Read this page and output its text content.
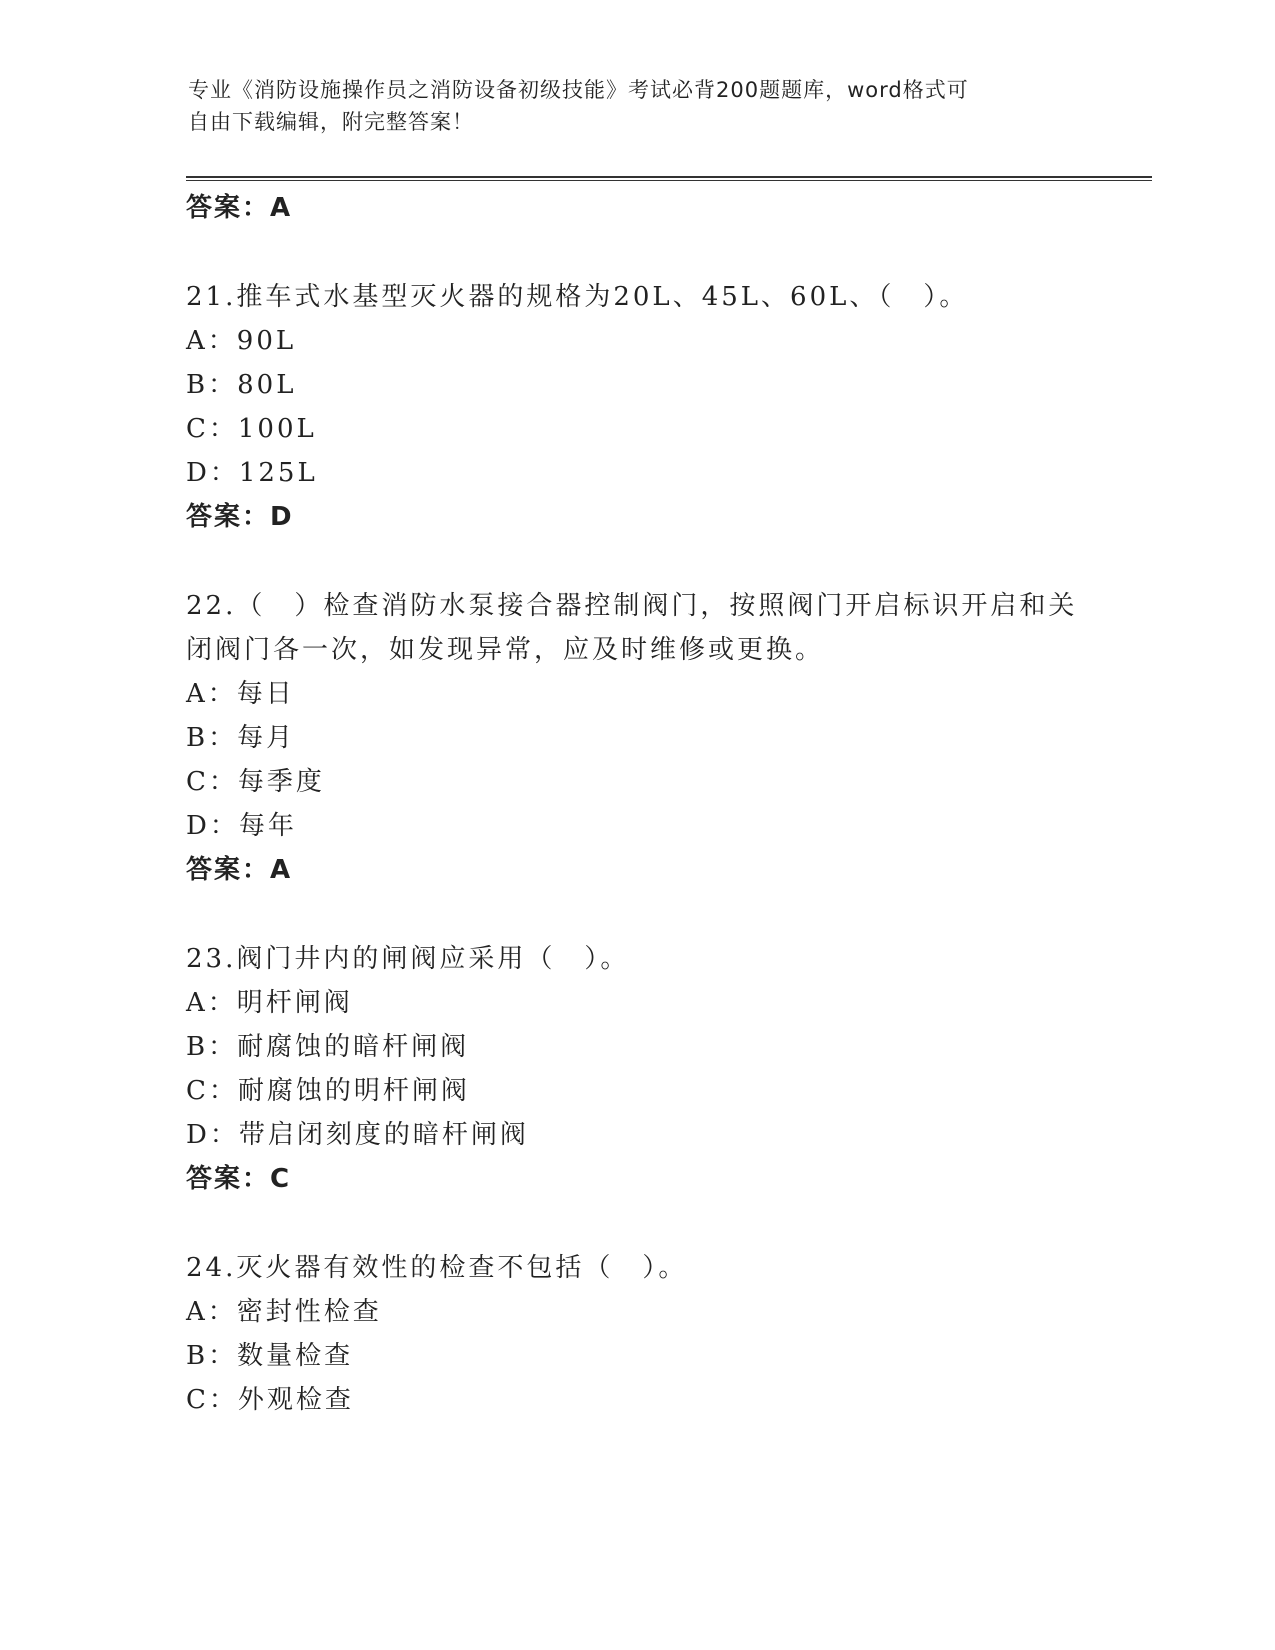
专业《消防设施操作员之消防设备初级技能》考试必背200题题库，word格式可
自由下载编辑，附完整答案！
答案：A
21.推车式水基型灭火器的规格为20L、45L、60L、（　）。
A：90L
B：80L
C：100L
D：125L
答案：D
22.（　）检查消防水泵接合器控制阀门，按照阀门开启标识开启和关
闭阀门各一次，如发现异常，应及时维修或更换。
A：每日
B：每月
C：每季度
D：每年
答案：A
23.阀门井内的闸阀应采用（　）。
A：明杆闸阀
B：耐腐蚀的暗杆闸阀
C：耐腐蚀的明杆闸阀
D：带启闭刻度的暗杆闸阀
答案：C
24.灭火器有效性的检查不包括（　）。
A：密封性检查
B：数量检查
C：外观检查
